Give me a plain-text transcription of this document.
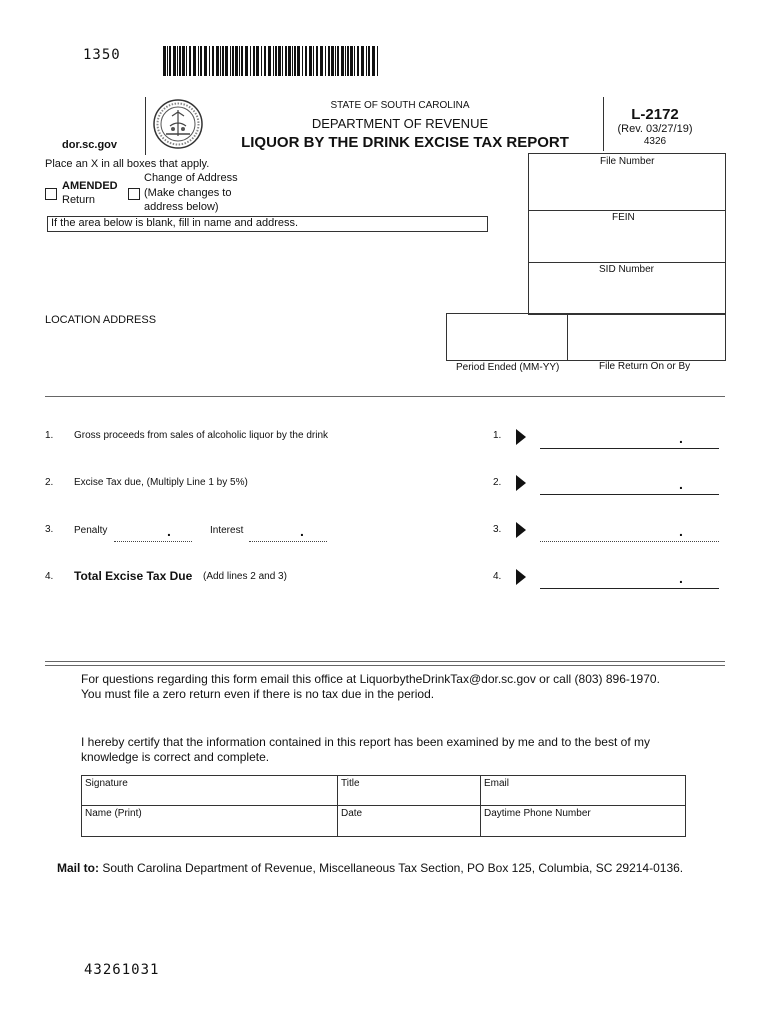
1350
dor.sc.gov
STATE OF SOUTH CAROLINA
DEPARTMENT OF REVENUE
LIQUOR BY THE DRINK EXCISE TAX REPORT
L-2172
(Rev. 03/27/19)
4326
Place an X in all boxes that apply.
AMENDED
Return
Change of Address
(Make changes to
address below)
If the area below is blank, fill in name and address.
File Number
FEIN
SID Number
Period Ended (MM-YY)	File Return On or By
LOCATION ADDRESS
1. Gross proceeds from sales of alcoholic liquor by the drink	1.	.
2. Excise Tax due, (Multiply Line 1 by 5%)	2.	.
3. Penalty	.	Interest	.	3.	.
4. Total Excise Tax Due (Add lines 2 and 3)	4.	.
For questions regarding this form email this office at LiquorbytheDrinkTax@dor.sc.gov or call (803) 896-1970.
You must file a zero return even if there is no tax due in the period.
I hereby certify that the information contained in this report has been examined by me and to the best of my
knowledge is correct and complete.
Signature	Title	Email
Name (Print)	Date	Daytime Phone Number
Mail to: South Carolina Department of Revenue, Miscellaneous Tax Section, PO Box 125, Columbia, SC 29214-0136.
43261031
